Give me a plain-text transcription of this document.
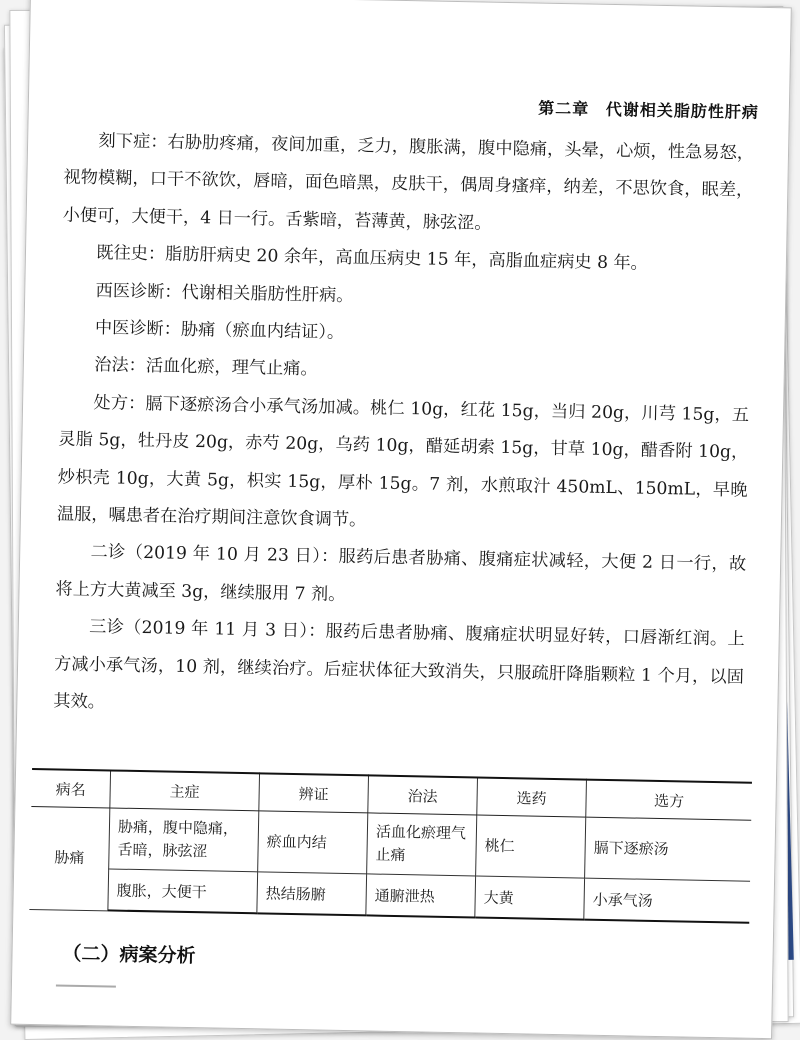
第二章 代谢相关脂肪性肝病

刻下症：右胁肋疼痛，夜间加重，乏力，腹胀满，腹中隐痛，头晕，心烦，性急易怒，视物模糊，口干不欲饮，唇暗，面色暗黑，皮肤干，偶周身瘙痒，纳差，不思饮食，眠差，小便可，大便干，4 日一行。舌紫暗，苔薄黄，脉弦涩。

既往史：脂肪肝病史 20 余年，高血压病史 15 年，高脂血症病史 8 年。

西医诊断：代谢相关脂肪性肝病。

中医诊断：胁痛（瘀血内结证）。

治法：活血化瘀，理气止痛。

处方：膈下逐瘀汤合小承气汤加减。桃仁 10g，红花 15g，当归 20g，川芎 15g，五灵脂 5g，牡丹皮 20g，赤芍 20g，乌药 10g，醋延胡索 15g，甘草 10g，醋香附 10g，炒枳壳 10g，大黄 5g，枳实 15g，厚朴 15g。7 剂，水煎取汁 450mL、150mL，早晚温服，嘱患者在治疗期间注意饮食调节。

二诊（2019 年 10 月 23 日）：服药后患者胁痛、腹痛症状减轻，大便 2 日一行，故将上方大黄减至 3g，继续服用 7 剂。

三诊（2019 年 11 月 3 日）：服药后患者胁痛、腹痛症状明显好转，口唇渐红润。上方减小承气汤，10 剂，继续治疗。后症状体征大致消失，只服疏肝降脂颗粒 1 个月，以固其效。

病名	主症	辨证	治法	选药	选方
胁痛	胁痛，腹中隐痛，舌暗，脉弦涩	瘀血内结	活血化瘀理气止痛	桃仁	膈下逐瘀汤
	腹胀，大便干	热结肠腑	通腑泄热	大黄	小承气汤
（二）病案分析
